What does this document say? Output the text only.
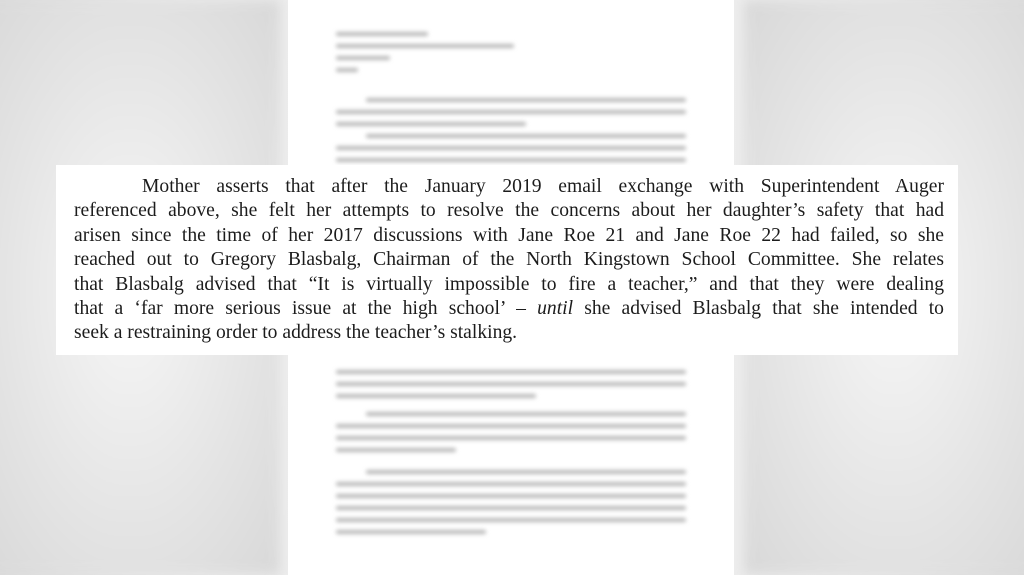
Mother asserts that after the January 2019 email exchange with Superintendent Auger
referenced above, she felt her attempts to resolve the concerns about her daughter’s safety that had
arisen since the time of her 2017 discussions with Jane Roe 21 and Jane Roe 22 had failed, so she
reached out to Gregory Blasbalg, Chairman of the North Kingstown School Committee. She relates
that Blasbalg advised that “It is virtually impossible to fire a teacher,” and that they were dealing
that a ‘far more serious issue at the high school’ – until she advised Blasbalg that she intended to
seek a restraining order to address the teacher’s stalking.
